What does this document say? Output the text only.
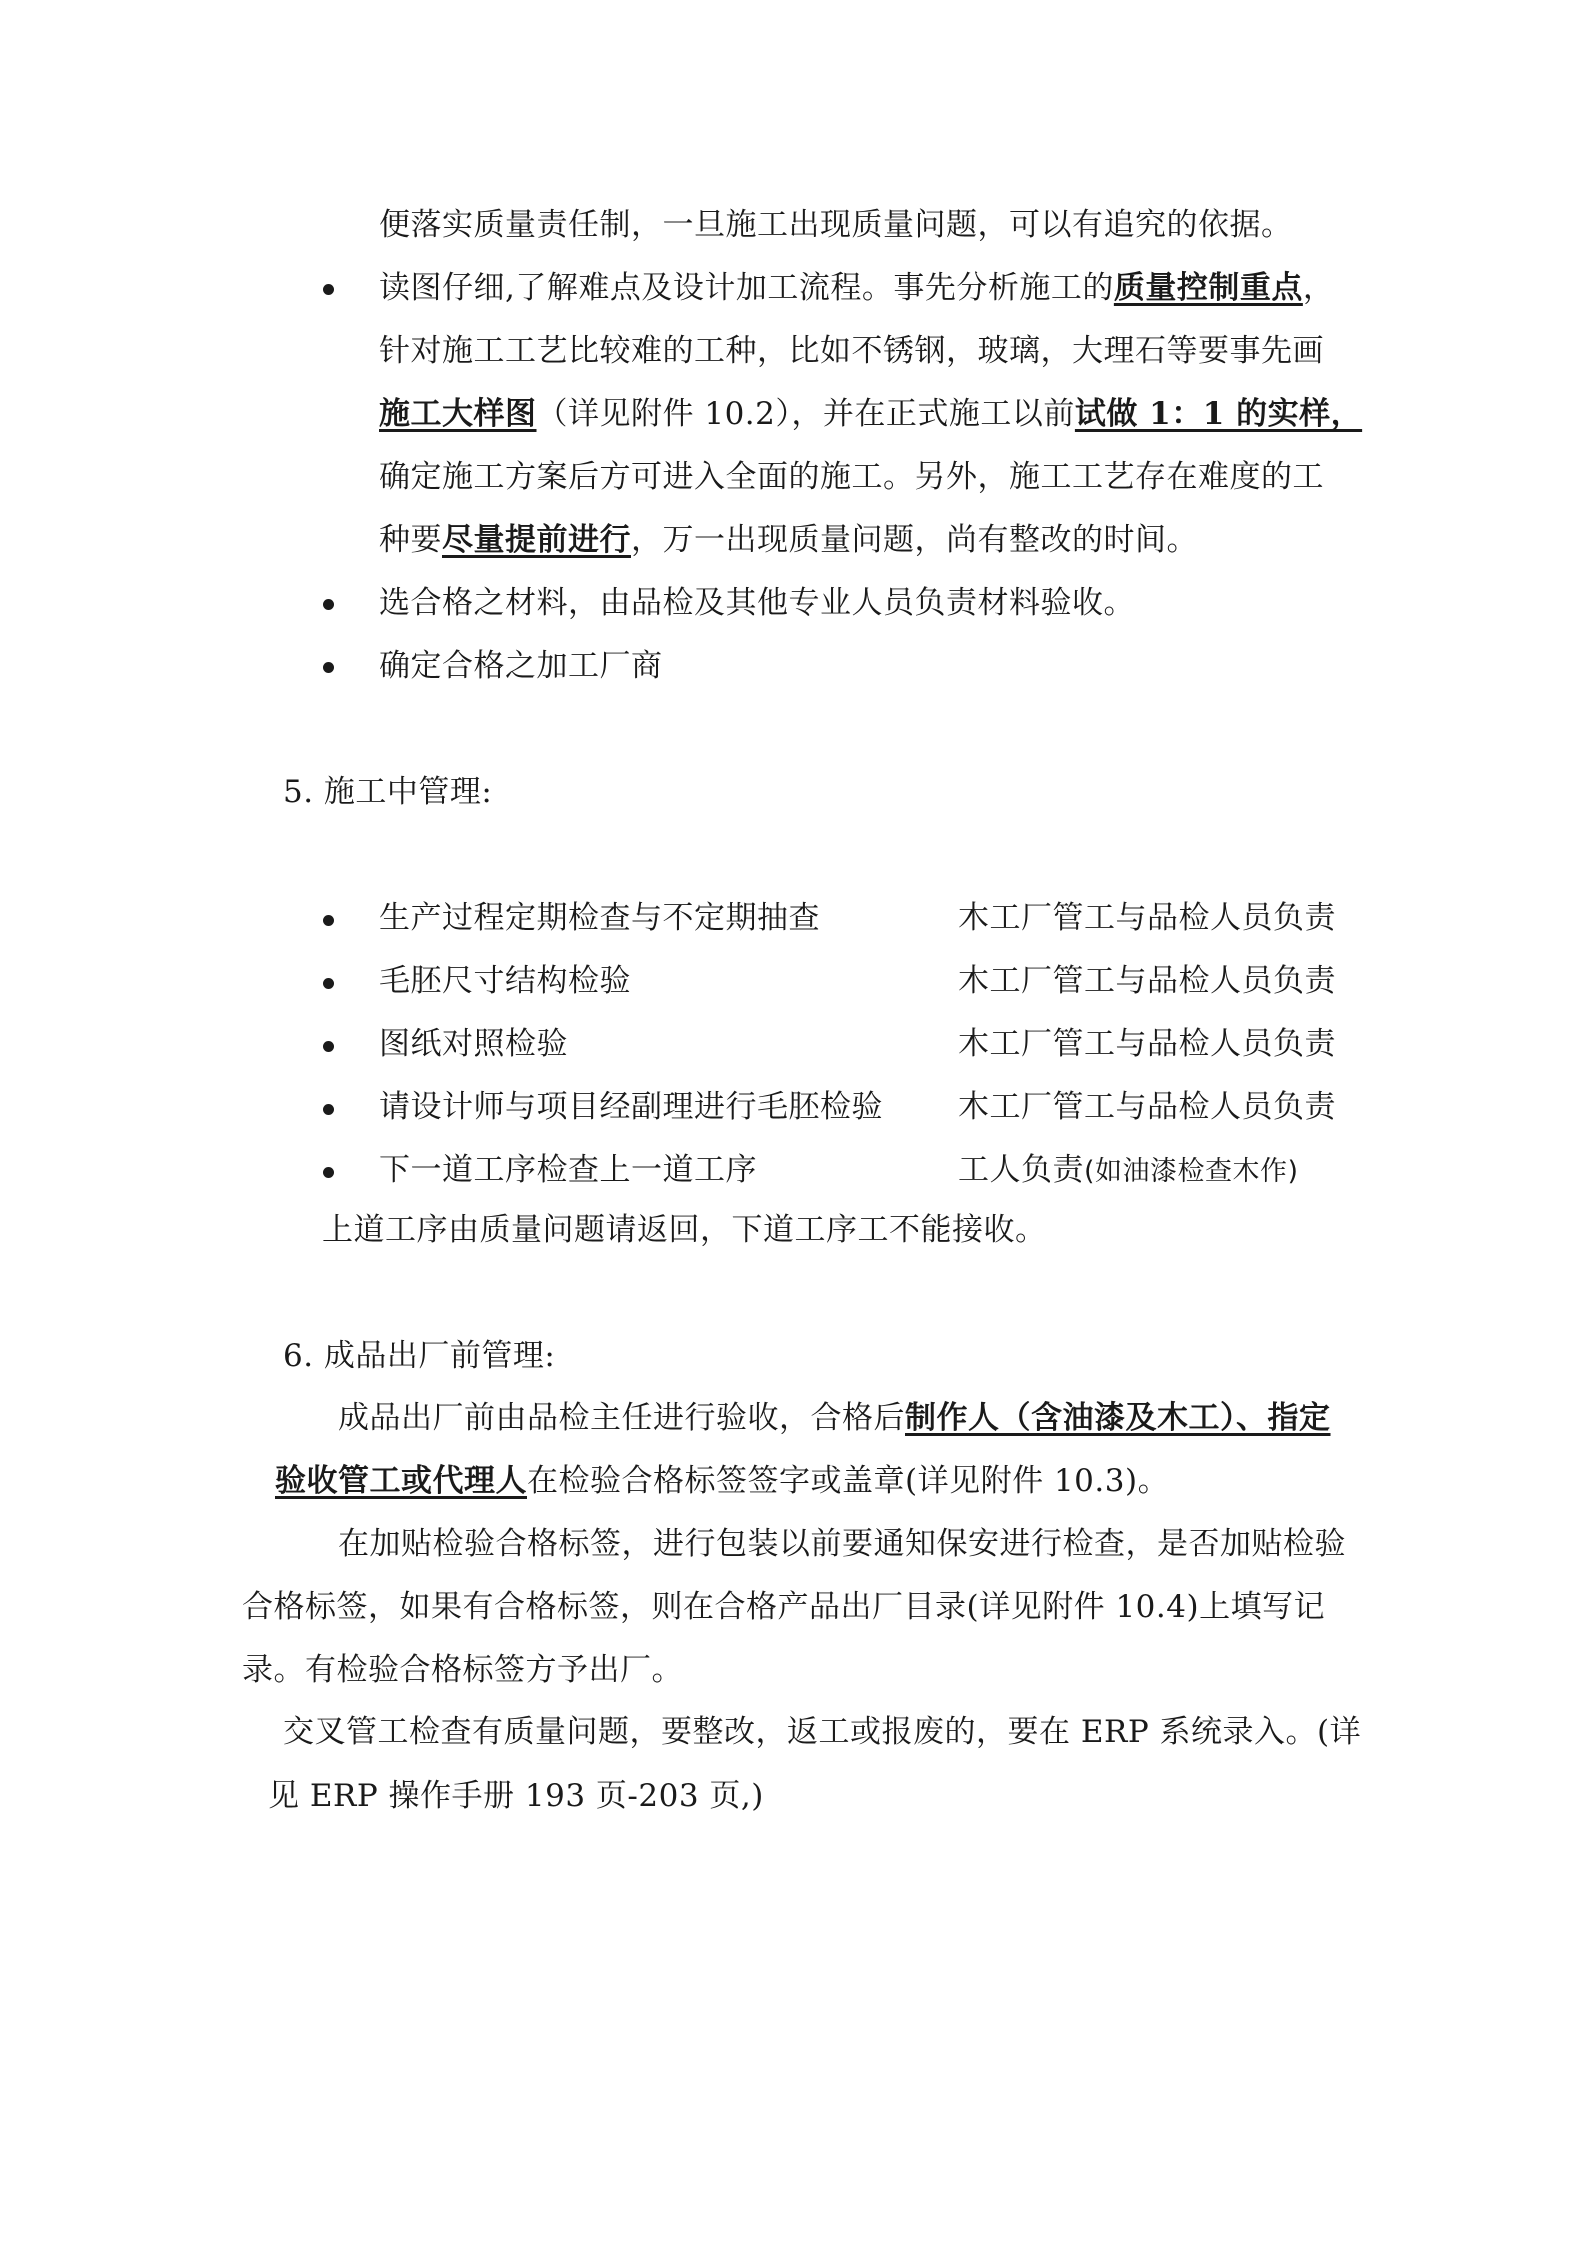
便落实质量责任制，一旦施工出现质量问题，可以有追究的依据。
读图仔细,了解难点及设计加工流程。事先分析施工的质量控制重点，
针对施工工艺比较难的工种，比如不锈钢，玻璃，大理石等要事先画
施工大样图（详见附件 10.2），并在正式施工以前试做 1：1 的实样，
确定施工方案后方可进入全面的施工。另外，施工工艺存在难度的工
种要尽量提前进行，万一出现质量问题，尚有整改的时间。
选合格之材料，由品检及其他专业人员负责材料验收。
确定合格之加工厂商
5. 施工中管理:
生产过程定期检查与不定期抽查	木工厂管工与品检人员负责
毛胚尺寸结构检验	木工厂管工与品检人员负责
图纸对照检验	木工厂管工与品检人员负责
请设计师与项目经副理进行毛胚检验 木工厂管工与品检人员负责
下一道工序检查上一道工序	工人负责(如油漆检查木作)
上道工序由质量问题请返回，下道工序工不能接收。
6. 成品出厂前管理:
成品出厂前由品检主任进行验收，合格后制作人（含油漆及木工）、指定
验收管工或代理人在检验合格标签签字或盖章(详见附件 10.3)。
在加贴检验合格标签，进行包装以前要通知保安进行检查，是否加贴检验
合格标签，如果有合格标签，则在合格产品出厂目录(详见附件 10.4)上填写记
录。有检验合格标签方予出厂。
交叉管工检查有质量问题，要整改，返工或报废的，要在 ERP 系统录入。(详
见 ERP 操作手册 193 页-203 页,)
